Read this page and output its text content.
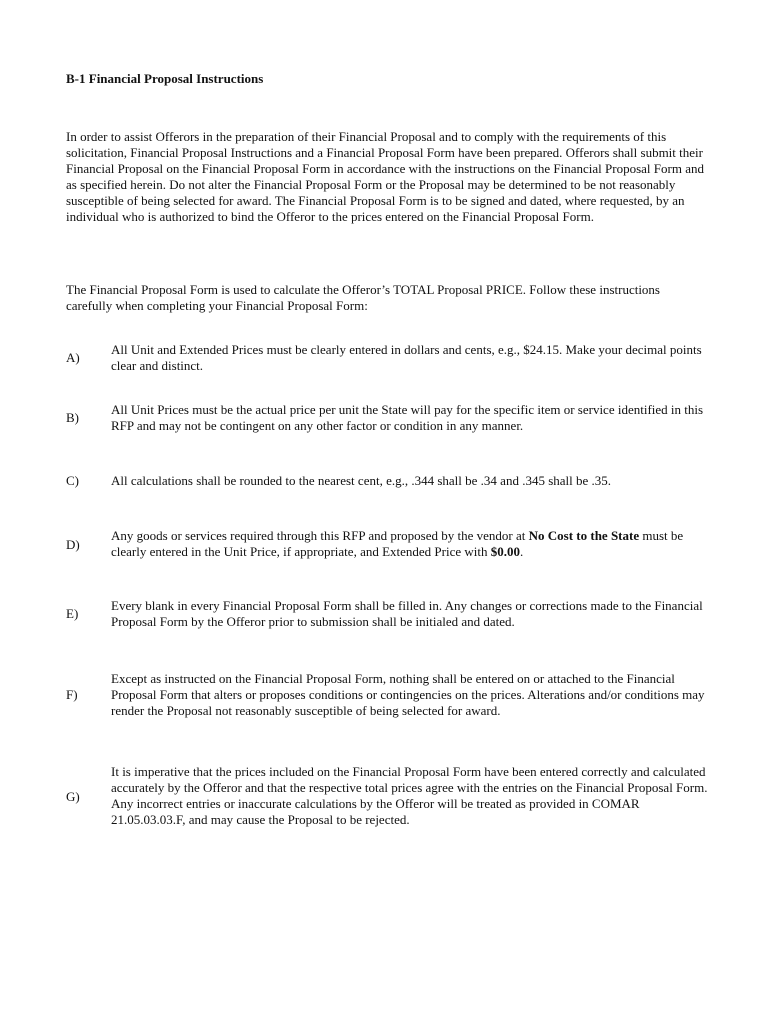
B-1 Financial Proposal Instructions
In order to assist Offerors in the preparation of their Financial Proposal and to comply with the requirements of this
solicitation, Financial Proposal Instructions and a Financial Proposal Form have been prepared. Offerors shall submit their
Financial Proposal on the Financial Proposal Form in accordance with the instructions on the Financial Proposal Form and
as specified herein. Do not alter the Financial Proposal Form or the Proposal may be determined to be not reasonably
susceptible of being selected for award. The Financial Proposal Form is to be signed and dated, where requested, by an
individual who is authorized to bind the Offeror to the prices entered on the Financial Proposal Form.
The Financial Proposal Form is used to calculate the Offeror’s TOTAL Proposal PRICE. Follow these instructions
carefully when completing your Financial Proposal Form:
A)
All Unit and Extended Prices must be clearly entered in dollars and cents, e.g., $24.15. Make your decimal points
clear and distinct.
B)
All Unit Prices must be the actual price per unit the State will pay for the specific item or service identified in this
RFP and may not be contingent on any other factor or condition in any manner.
C) All calculations shall be rounded to the nearest cent, e.g., .344 shall be .34 and .345 shall be .35.
D)
Any goods or services required through this RFP and proposed by the vendor at No Cost to the State must be
clearly entered in the Unit Price, if appropriate, and Extended Price with $0.00.
E)
Every blank in every Financial Proposal Form shall be filled in. Any changes or corrections made to the Financial
Proposal Form by the Offeror prior to submission shall be initialed and dated.
F)
Except as instructed on the Financial Proposal Form, nothing shall be entered on or attached to the Financial
Proposal Form that alters or proposes conditions or contingencies on the prices. Alterations and/or conditions may
render the Proposal not reasonably susceptible of being selected for award.
G)
It is imperative that the prices included on the Financial Proposal Form have been entered correctly and calculated
accurately by the Offeror and that the respective total prices agree with the entries on the Financial Proposal Form.
Any incorrect entries or inaccurate calculations by the Offeror will be treated as provided in COMAR
21.05.03.03.F, and may cause the Proposal to be rejected.
